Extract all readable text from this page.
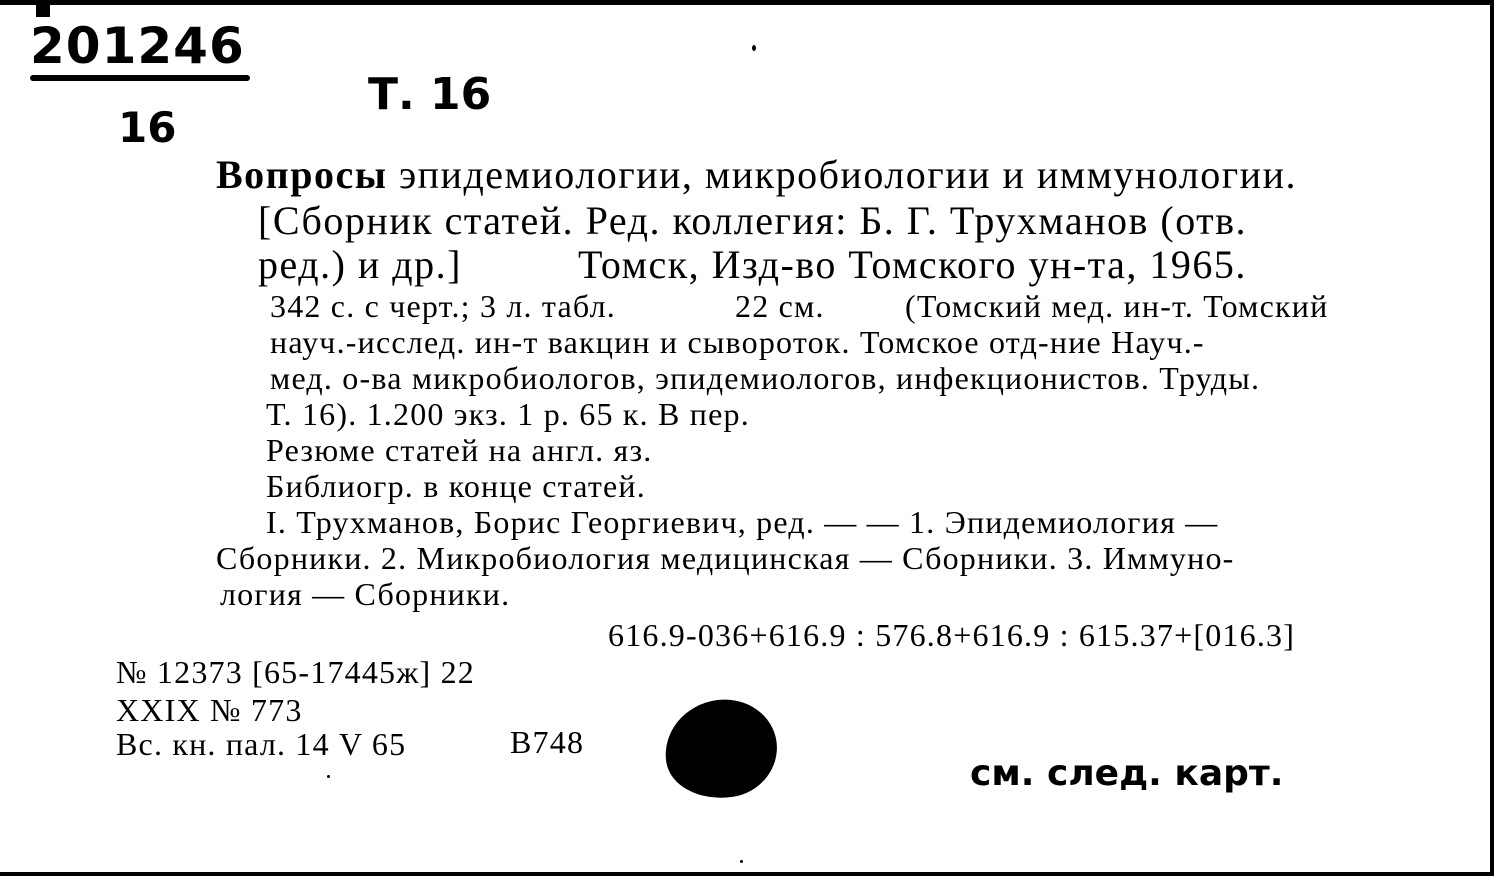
201246
Т. 16
16
Вопросы эпидемиологии, микробиологии и иммунологии.
[Сборник статей. Ред. коллегия: Б. Г. Трухманов (отв.
ред.) и др.]	Томск, Изд-во Томского ун-та, 1965.
342 с. с черт.; 3 л. табл.	22 см.	(Томский мед. ин-т. Томский
науч.-исслед. ин-т вакцин и сывороток. Томское отд-ние Науч.-
мед. о-ва микробиологов, эпидемиологов, инфекционистов. Труды.
Т. 16). 1.200 экз. 1 р. 65 к. В пер.
Резюме статей на англ. яз.
Библиогр. в конце статей.
I. Трухманов, Борис Георгиевич, ред. — — 1. Эпидемиология —
Сборники. 2. Микробиология медицинская — Сборники. 3. Иммуно-
логия — Сборники.
616.9-036+616.9 : 576.8+616.9 : 615.37+[016.3]
№ 12373 [65-17445ж] 22
XXIX № 773
Вс. кн. пал. 14 V 65	B748
см. след. карт.
